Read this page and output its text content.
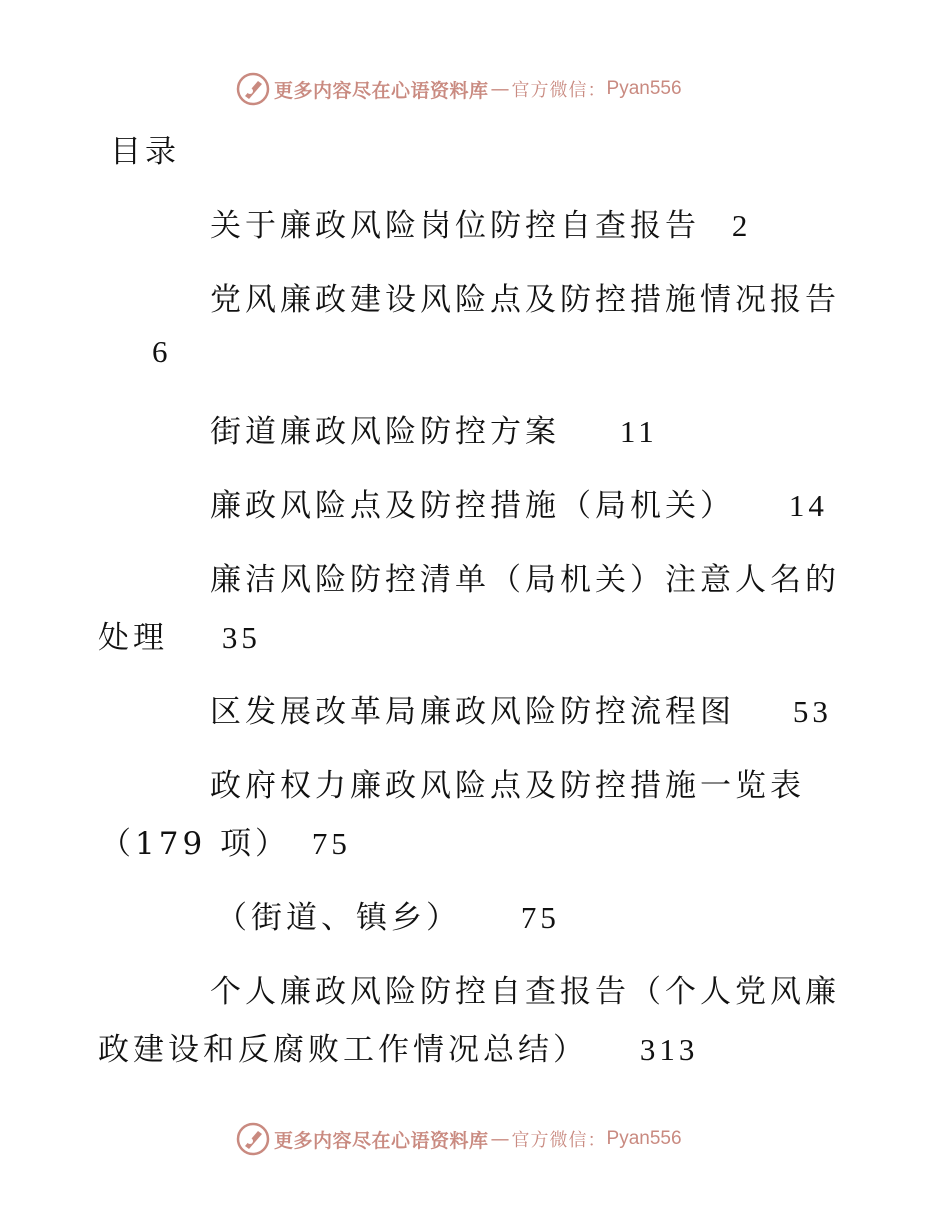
更多内容尽在心语资料库 — 官方微信： Pyan556
目录
关于廉政风险岗位防控自查报告 2
党风廉政建设风险点及防控措施情况报告
6
街道廉政风险防控方案 11
廉政风险点及防控措施（局机关） 14
廉洁风险防控清单（局机关）注意人名的
处理 35
区发展改革局廉政风险防控流程图 53
政府权力廉政风险点及防控措施一览表
（179 项） 75
（街道、镇乡） 75
个人廉政风险防控自查报告（个人党风廉
政建设和反腐败工作情况总结） 313
更多内容尽在心语资料库 — 官方微信： Pyan556
